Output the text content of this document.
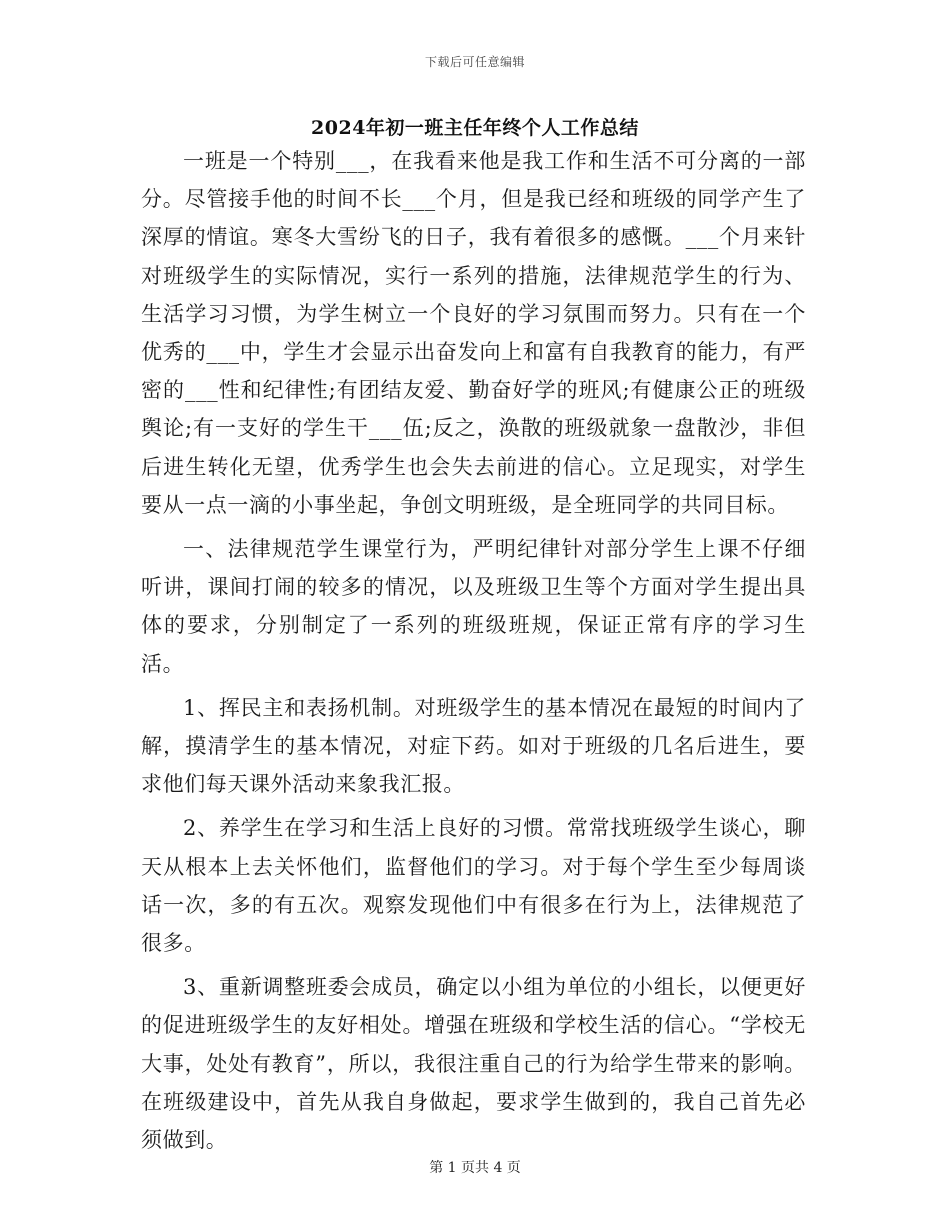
下载后可任意编辑
2024年初一班主任年终个人工作总结

一班是一个特别___，在我看来他是我工作和生活不可分离的一部分。尽管接手他的时间不长___个月，但是我已经和班级的同学产生了深厚的情谊。寒冬大雪纷飞的日子，我有着很多的感慨。___个月来针对班级学生的实际情况，实行一系列的措施，法律规范学生的行为、生活学习习惯，为学生树立一个良好的学习氛围而努力。只有在一个优秀的___中，学生才会显示出奋发向上和富有自我教育的能力，有严密的___性和纪律性;有团结友爱、勤奋好学的班风;有健康公正的班级舆论;有一支好的学生干___伍;反之，涣散的班级就象一盘散沙，非但后进生转化无望，优秀学生也会失去前进的信心。立足现实，对学生要从一点一滴的小事坐起，争创文明班级，是全班同学的共同目标。

一、法律规范学生课堂行为，严明纪律针对部分学生上课不仔细听讲，课间打闹的较多的情况，以及班级卫生等个方面对学生提出具体的要求，分别制定了一系列的班级班规，保证正常有序的学习生活。

1、挥民主和表扬机制。对班级学生的基本情况在最短的时间内了解，摸清学生的基本情况，对症下药。如对于班级的几名后进生，要求他们每天课外活动来象我汇报。

2、养学生在学习和生活上良好的习惯。常常找班级学生谈心，聊天从根本上去关怀他们，监督他们的学习。对于每个学生至少每周谈话一次，多的有五次。观察发现他们中有很多在行为上，法律规范了很多。

3、重新调整班委会成员，确定以小组为单位的小组长，以便更好的促进班级学生的友好相处。增强在班级和学校生活的信心。“学校无大事，处处有教育”，所以，我很注重自己的行为给学生带来的影响。在班级建设中，首先从我自身做起，要求学生做到的，我自己首先必须做到。

第 1 页共 4 页
